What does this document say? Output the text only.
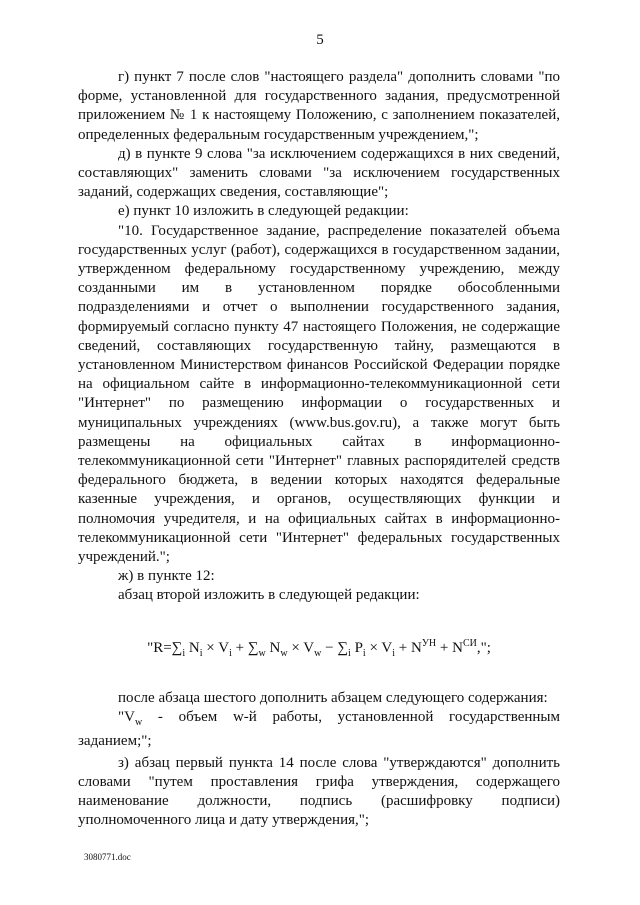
5

г) пункт 7 после слов "настоящего раздела" дополнить словами "по форме, установленной для государственного задания, предусмотренной приложением № 1 к настоящему Положению, с заполнением показателей, определенных федеральным государственным учреждением,";

д) в пункте 9 слова "за исключением содержащихся в них сведений, составляющих" заменить словами "за исключением государственных заданий, содержащих сведения, составляющие";

е) пункт 10 изложить в следующей редакции:

"10. Государственное задание, распределение показателей объема государственных услуг (работ), содержащихся в государственном задании, утвержденном федеральному государственному учреждению, между созданными им в установленном порядке обособленными подразделениями и отчет о выполнении государственного задания, формируемый согласно пункту 47 настоящего Положения, не содержащие сведений, составляющих государственную тайну, размещаются в установленном Министерством финансов Российской Федерации порядке на официальном сайте в информационно-телекоммуникационной сети "Интернет" по размещению информации о государственных и муниципальных учреждениях (www.bus.gov.ru), а также могут быть размещены на официальных сайтах в информационно-телекоммуникационной сети "Интернет" главных распорядителей средств федерального бюджета, в ведении которых находятся федеральные казенные учреждения, и органов, осуществляющих функции и полномочия учредителя, и на официальных сайтах в информационно-телекоммуникационной сети "Интернет" федеральных государственных учреждений.";

ж) в пункте 12:

абзац второй изложить в следующей редакции:

"$R=\sum_i$ $N_i \times V_i + \sum_w$ $N_w \times V_w - \sum_i$ $P_i \times V_i + N^{УН} + N^{СИ}$,";

после абзаца шестого дополнить абзацем следующего содержания:

"$V_w$ - объем w-й работы, установленной государственным заданием;";

з) абзац первый пункта 14 после слова "утверждаются" дополнить словами "путем проставления грифа утверждения, содержащего наименование должности, подпись (расшифровку подписи) уполномоченного лица и дату утверждения,";

3080771.doc
